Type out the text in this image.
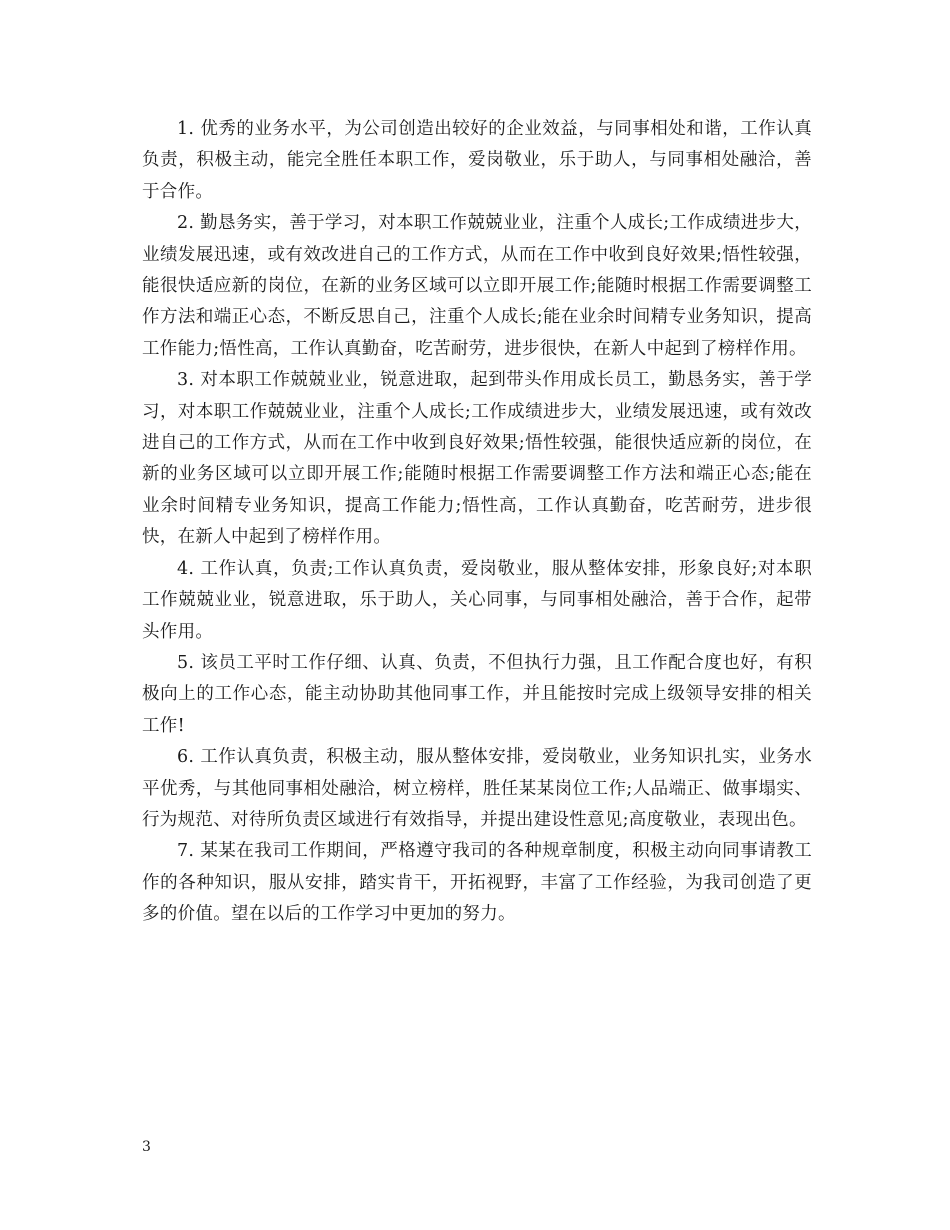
1. 优秀的业务水平，为公司创造出较好的企业效益，与同事相处和谐，工作认真负责，积极主动，能完全胜任本职工作，爱岗敬业，乐于助人，与同事相处融洽，善于合作。

2. 勤恳务实，善于学习，对本职工作兢兢业业，注重个人成长;工作成绩进步大，业绩发展迅速，或有效改进自己的工作方式，从而在工作中收到良好效果;悟性较强，能很快适应新的岗位，在新的业务区域可以立即开展工作;能随时根据工作需要调整工作方法和端正心态，不断反思自己，注重个人成长;能在业余时间精专业务知识，提高工作能力;悟性高，工作认真勤奋，吃苦耐劳，进步很快，在新人中起到了榜样作用。

3. 对本职工作兢兢业业，锐意进取，起到带头作用成长员工，勤恳务实，善于学习，对本职工作兢兢业业，注重个人成长;工作成绩进步大，业绩发展迅速，或有效改进自己的工作方式，从而在工作中收到良好效果;悟性较强，能很快适应新的岗位，在新的业务区域可以立即开展工作;能随时根据工作需要调整工作方法和端正心态;能在业余时间精专业务知识，提高工作能力;悟性高，工作认真勤奋，吃苦耐劳，进步很快，在新人中起到了榜样作用。

4. 工作认真，负责;工作认真负责，爱岗敬业，服从整体安排，形象良好;对本职工作兢兢业业，锐意进取，乐于助人，关心同事，与同事相处融洽，善于合作，起带头作用。

5. 该员工平时工作仔细、认真、负责，不但执行力强，且工作配合度也好，有积极向上的工作心态，能主动协助其他同事工作，并且能按时完成上级领导安排的相关工作!

6. 工作认真负责，积极主动，服从整体安排，爱岗敬业，业务知识扎实，业务水平优秀，与其他同事相处融洽，树立榜样，胜任某某岗位工作;人品端正、做事塌实、行为规范、对待所负责区域进行有效指导，并提出建设性意见;高度敬业，表现出色。

7. 某某在我司工作期间，严格遵守我司的各种规章制度，积极主动向同事请教工作的各种知识，服从安排，踏实肯干，开拓视野，丰富了工作经验，为我司创造了更多的价值。望在以后的工作学习中更加的努力。

3
